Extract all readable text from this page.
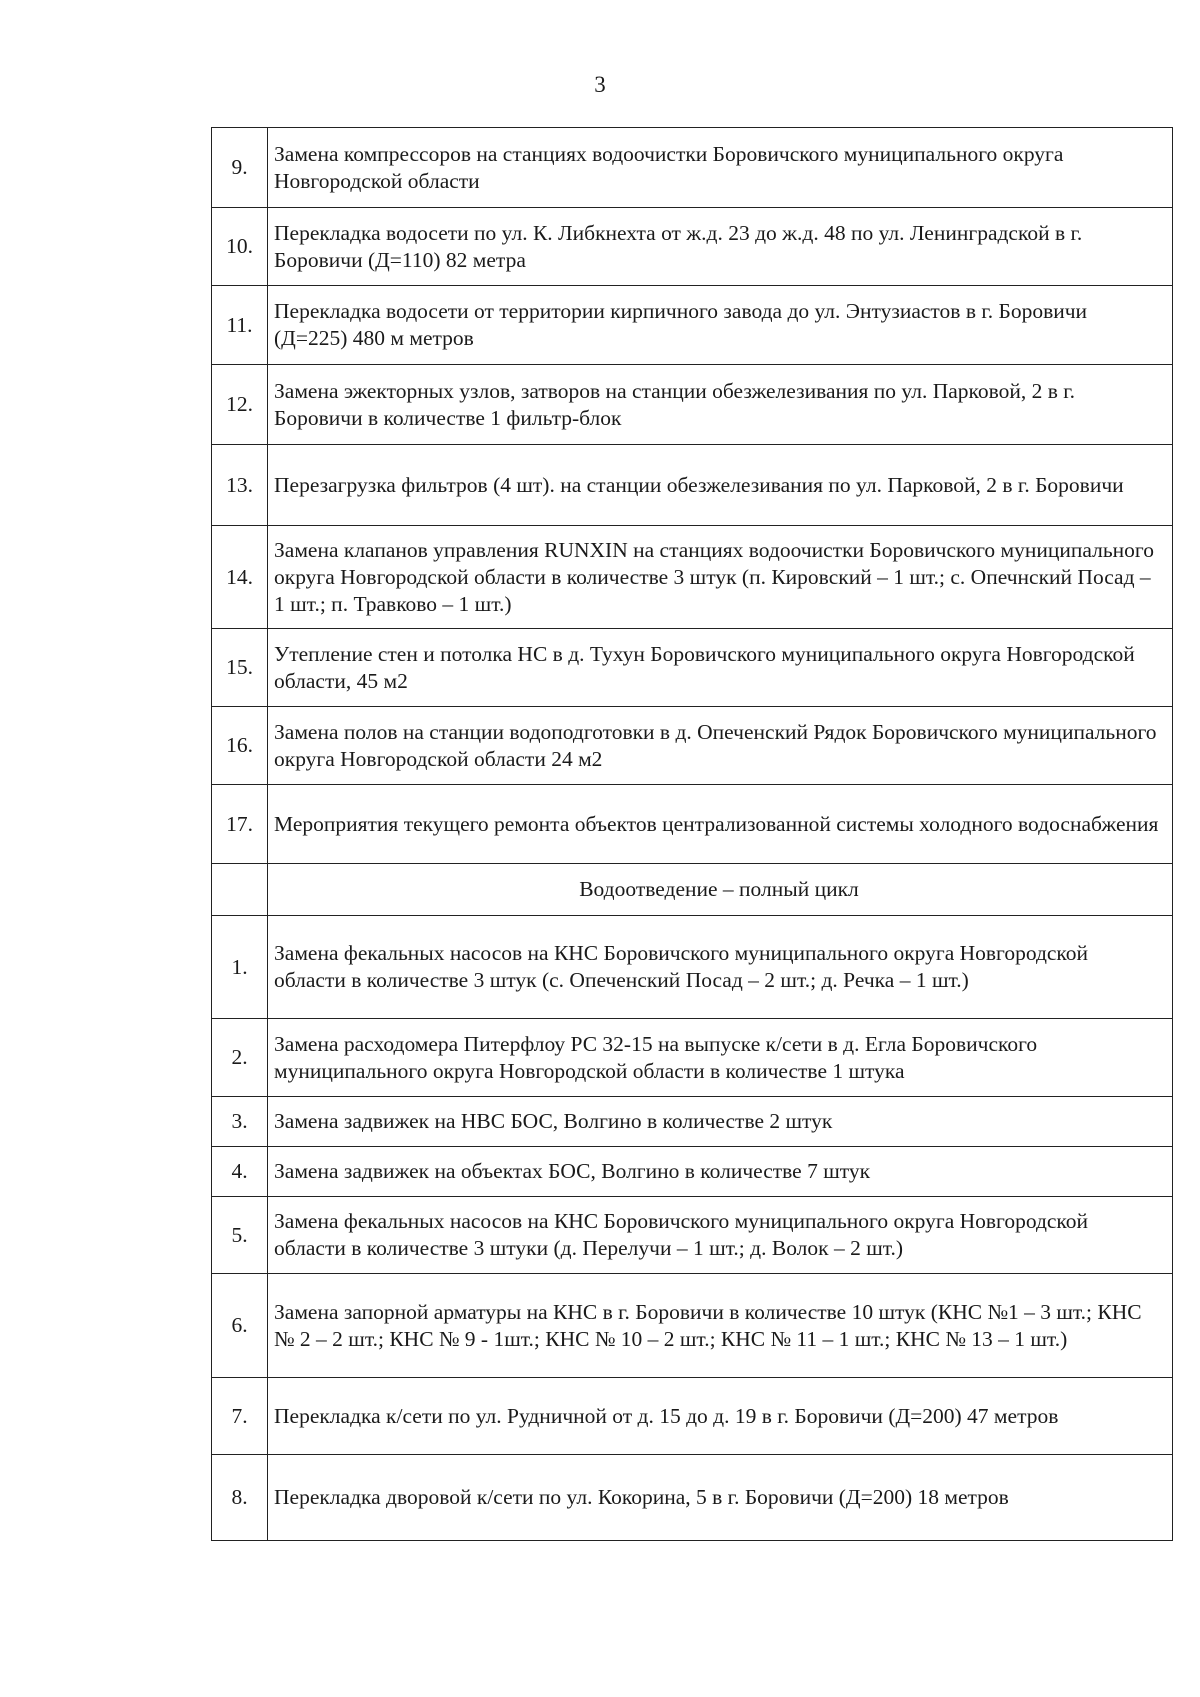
3
9.	Замена компрессоров на станциях водоочистки Боровичского муниципального округа Новгородской области
10.	Перекладка водосети по ул. К. Либкнехта от ж.д. 23 до ж.д. 48 по ул. Ленинградской в г. Боровичи (Д=110) 82 метра
11.	Перекладка водосети от территории кирпичного завода до ул. Энтузиастов в г. Боровичи (Д=225) 480 м метров
12.	Замена эжекторных узлов, затворов на станции обезжелезивания по ул. Парковой, 2 в г. Боровичи в количестве 1 фильтр-блок
13.	Перезагрузка фильтров (4 шт). на станции обезжелезивания по ул. Парковой, 2 в г. Боровичи
14.	Замена клапанов управления RUNXIN на станциях водоочистки Боровичского муниципального округа Новгородской области в количестве 3 штук (п. Кировский – 1 шт.; с. Опечнский Посад – 1 шт.; п. Травково – 1 шт.)
15.	Утепление стен и потолка НС в д. Тухун Боровичского муниципального округа Новгородской области, 45 м2
16.	Замена полов на станции водоподготовки в д. Опеченский Рядок Боровичского муниципального округа Новгородской области 24 м2
17.	Мероприятия текущего ремонта объектов централизованной системы холодного водоснабжения
	Водоотведение – полный цикл
1.	Замена фекальных насосов на КНС Боровичского муниципального округа Новгородской области в количестве 3 штук (с. Опеченский Посад – 2 шт.; д. Речка – 1 шт.)
2.	Замена расходомера Питерфлоу РС 32-15 на выпуске к/сети в д. Егла Боровичского муниципального округа Новгородской области в количестве 1 штука
3.	Замена задвижек на НВС БОС, Волгино в количестве 2 штук
4.	Замена задвижек на объектах БОС, Волгино в количестве 7 штук
5.	Замена фекальных насосов на КНС Боровичского муниципального округа Новгородской области в количестве 3 штуки (д. Перелучи – 1 шт.; д. Волок – 2 шт.)
6.	Замена запорной арматуры на КНС в г. Боровичи в количестве 10 штук (КНС №1 – 3 шт.; КНС № 2 – 2 шт.; КНС № 9 - 1шт.; КНС № 10 – 2 шт.; КНС № 11 – 1 шт.; КНС № 13 – 1 шт.)
7.	Перекладка к/сети по ул. Рудничной от д. 15 до д. 19 в г. Боровичи (Д=200) 47 метров
8.	Перекладка дворовой к/сети по ул. Кокорина, 5 в г. Боровичи (Д=200) 18 метров
